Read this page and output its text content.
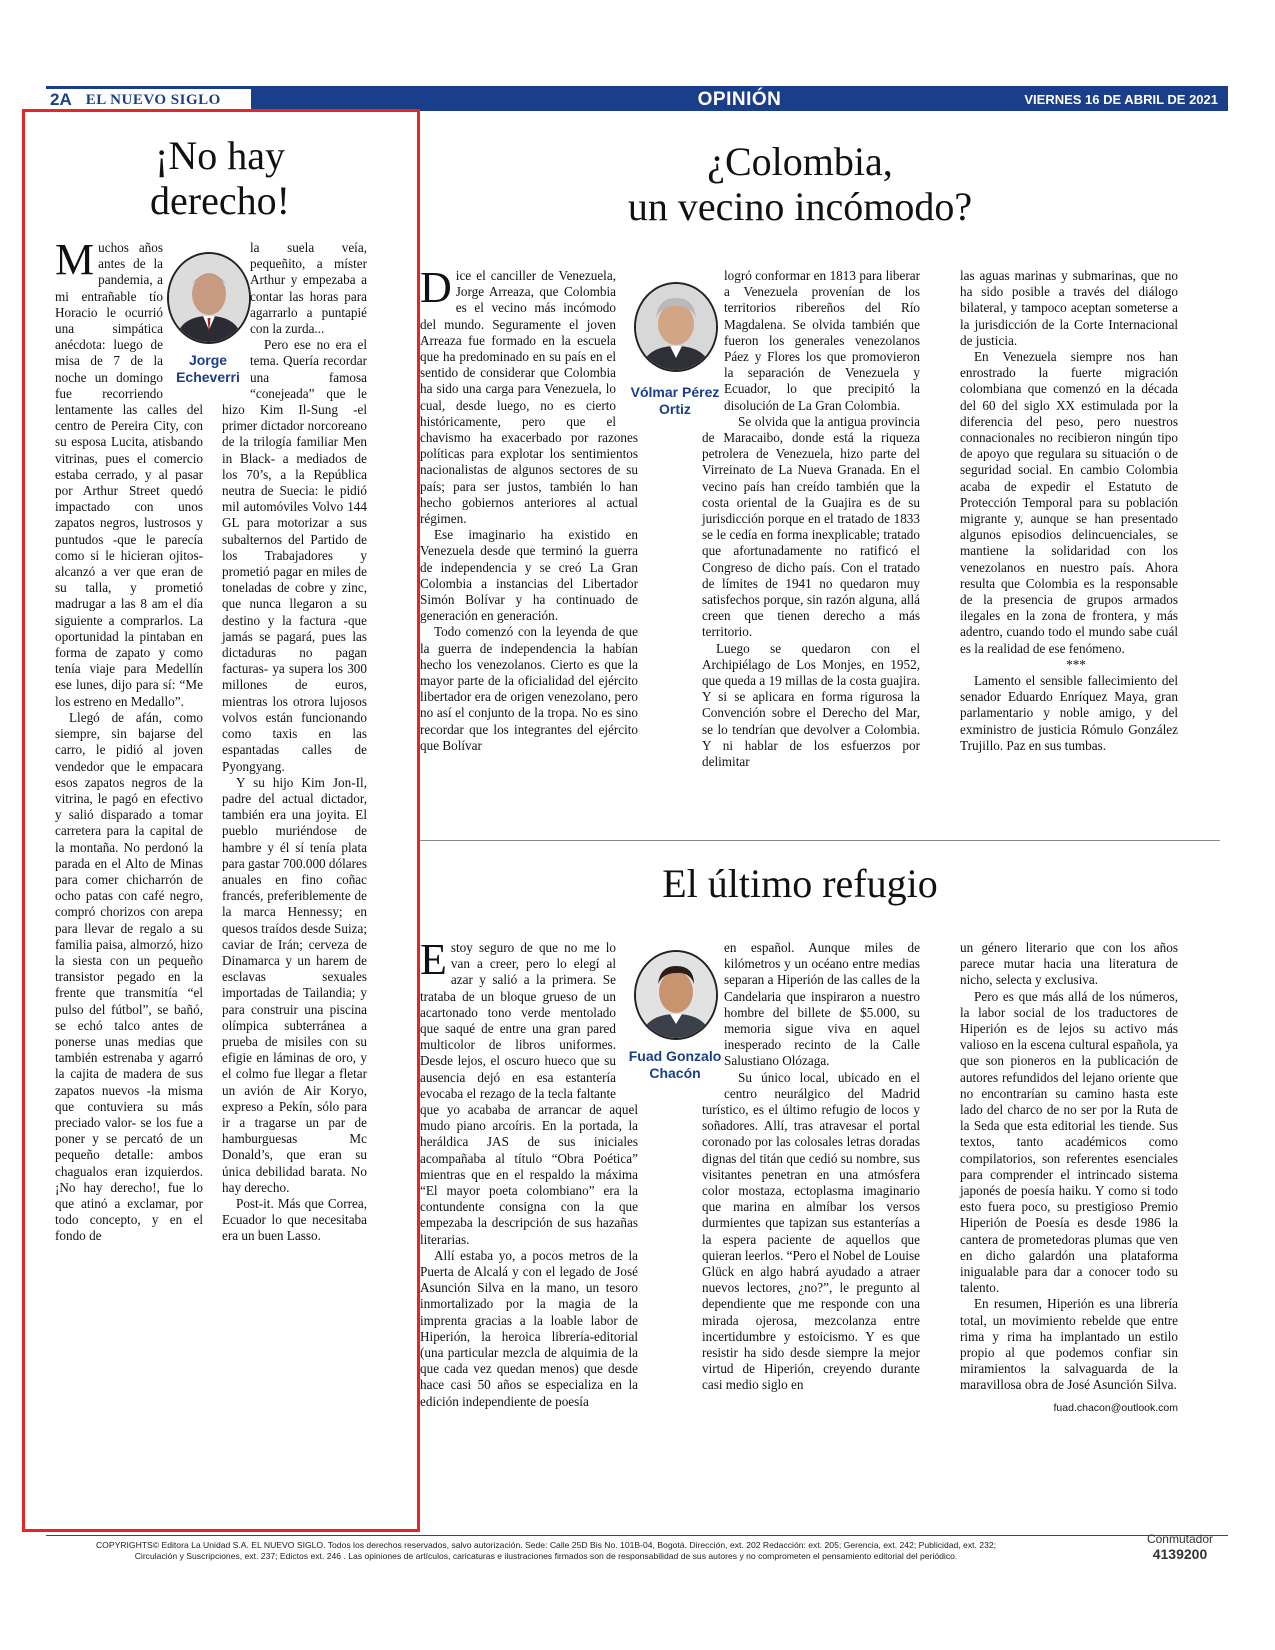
2A EL NUEVO SIGLO	OPINIÓN	VIERNES 16 DE ABRIL DE 2021
¡No hay derecho!

Muchos años antes de la pandemia, a mi entrañable tío Horacio le ocurrió una simpática anécdota: luego de misa de 7 de la noche un domingo fue recorriendo lentamente las calles del centro de Pereira City, con su esposa Lucita, atisbando vitrinas, pues el comercio estaba cerrado, y al pasar por Arthur Street quedó impactado con unos zapatos negros, lustrosos y puntudos -que le parecía como si le hicieran ojitos- alcanzó a ver que eran de su talla, y prometió madrugar a las 8 am el día siguiente a comprarlos. La oportunidad la pintaban en forma de zapato y como tenía viaje para Medellín ese lunes, dijo para sí: “Me los estreno en Medallo”.

Llegó de afán, como siempre, sin bajarse del carro, le pidió al joven vendedor que le empacara esos zapatos negros de la vitrina, le pagó en efectivo y salió disparado a tomar carretera para la capital de la montaña. No perdonó la parada en el Alto de Minas para comer chicharrón de ocho patas con café negro, compró chorizos con arepa para llevar de regalo a su familia paisa, almorzó, hizo la siesta con un pequeño transistor pegado en la frente que transmitía “el pulso del fútbol”, se bañó, se echó talco antes de ponerse unas medias que también estrenaba y agarró la cajita de madera de sus zapatos nuevos -la misma que contuviera su más preciado valor- se los fue a poner y se percató de un pequeño detalle: ambos chagualos eran izquierdos. ¡No hay derecho!, fue lo que atinó a exclamar, por todo concepto, y en el fondo de

Jorge Echeverri

la suela veía, pequeñito, a míster Arthur y empezaba a contar las horas para agarrarlo a puntapié con la zurda...

Pero ese no era el tema. Quería recordar una famosa “conejeada” que le hizo Kim Il-Sung -el primer dictador norcoreano de la trilogía familiar Men in Black- a mediados de los 70’s, a la República neutra de Suecia: le pidió mil automóviles Volvo 144 GL para motorizar a sus subalternos del Partido de los Trabajadores y prometió pagar en miles de toneladas de cobre y zinc, que nunca llegaron a su destino y la factura -que jamás se pagará, pues las dictaduras no pagan facturas- ya supera los 300 millones de euros, mientras los otrora lujosos volvos están funcionando como taxis en las espantadas calles de Pyongyang.

Y su hijo Kim Jon-Il, padre del actual dictador, también era una joyita. El pueblo muriéndose de hambre y él sí tenía plata para gastar 700.000 dólares anuales en fino coñac francés, preferiblemente de la marca Hennessy; en quesos traídos desde Suiza; caviar de Irán; cerveza de Dinamarca y un harem de esclavas sexuales importadas de Tailandia; y para construir una piscina olímpica subterránea a prueba de misiles con su efigie en láminas de oro, y el colmo fue llegar a fletar un avión de Air Koryo, expreso a Pekín, sólo para ir a tragarse un par de hamburguesas Mc Donald’s, que eran su única debilidad barata. No hay derecho.

Post-it. Más que Correa, Ecuador lo que necesitaba era un buen Lasso.

¿Colombia,
un vecino incómodo?

Dice el canciller de Venezuela, Jorge Arreaza, que Colombia es el vecino más incómodo del mundo. Seguramente el joven Arreaza fue formado en la escuela que ha predominado en su país en el sentido de considerar que Colombia ha sido una carga para Venezuela, lo cual, desde luego, no es cierto históricamente, pero que el chavismo ha exacerbado por razones políticas para explotar los sentimientos nacionalistas de algunos sectores de su país; para ser justos, también lo han hecho gobiernos anteriores al actual régimen.

Ese imaginario ha existido en Venezuela desde que terminó la guerra de independencia y se creó La Gran Colombia a instancias del Libertador Simón Bolívar y ha continuado de generación en generación.

Todo comenzó con la leyenda de que la guerra de independencia la habían hecho los venezolanos. Cierto es que la mayor parte de la oficialidad del ejército libertador era de origen venezolano, pero no así el conjunto de la tropa. No es sino recordar que los integrantes del ejército que Bolívar

Vólmar Pérez Ortiz

logró conformar en 1813 para liberar a Venezuela provenían de los territorios ribereños del Río Magdalena. Se olvida también que fueron los generales venezolanos Páez y Flores los que promovieron la separación de Venezuela y Ecuador, lo que precipitó la disolución de La Gran Colombia.

Se olvida que la antigua provincia de Maracaibo, donde está la riqueza petrolera de Venezuela, hizo parte del Virreinato de La Nueva Granada. En el vecino país han creído también que la costa oriental de la Guajira es de su jurisdicción porque en el tratado de 1833 se le cedía en forma inexplicable; tratado que afortunadamente no ratificó el Congreso de dicho país. Con el tratado de límites de 1941 no quedaron muy satisfechos porque, sin razón alguna, allá creen que tienen derecho a más territorio.

Luego se quedaron con el Archipiélago de Los Monjes, en 1952, que queda a 19 millas de la costa guajira. Y si se aplicara en forma rigurosa la Convención sobre el Derecho del Mar, se lo tendrían que devolver a Colombia. Y ni hablar de los esfuerzos por delimitar

las aguas marinas y submarinas, que no ha sido posible a través del diálogo bilateral, y tampoco aceptan someterse a la jurisdicción de la Corte Internacional de justicia.

En Venezuela siempre nos han enrostrado la fuerte migración colombiana que comenzó en la década del 60 del siglo XX estimulada por la diferencia del peso, pero nuestros connacionales no recibieron ningún tipo de apoyo que regulara su situación o de seguridad social. En cambio Colombia acaba de expedir el Estatuto de Protección Temporal para su población migrante y, aunque se han presentado algunos episodios delincuenciales, se mantiene la solidaridad con los venezolanos en nuestro país. Ahora resulta que Colombia es la responsable de la presencia de grupos armados ilegales en la zona de frontera, y más adentro, cuando todo el mundo sabe cuál es la realidad de ese fenómeno.

***

Lamento el sensible fallecimiento del senador Eduardo Enríquez Maya, gran parlamentario y noble amigo, y del exministro de justicia Rómulo González Trujillo. Paz en sus tumbas.

El último refugio

Estoy seguro de que no me lo van a creer, pero lo elegí al azar y salió a la primera. Se trataba de un bloque grueso de un acartonado tono verde mentolado que saqué de entre una gran pared multicolor de libros uniformes. Desde lejos, el oscuro hueco que su ausencia dejó en esa estantería evocaba el rezago de la tecla faltante que yo acababa de arrancar de aquel mudo piano arcoíris. En la portada, la heráldica JAS de sus iniciales acompañaba al título “Obra Poética” mientras que en el respaldo la máxima “El mayor poeta colombiano” era la contundente consigna con la que empezaba la descripción de sus hazañas literarias.

Allí estaba yo, a pocos metros de la Puerta de Alcalá y con el legado de José Asunción Silva en la mano, un tesoro inmortalizado por la magia de la imprenta gracias a la loable labor de Hiperión, la heroica librería-editorial (una particular mezcla de alquimia de la que cada vez quedan menos) que desde hace casi 50 años se especializa en la edición independiente de poesía

Fuad Gonzalo
Chacón

en español. Aunque miles de kilómetros y un océano entre medias separan a Hiperión de las calles de la Candelaria que inspiraron a nuestro hombre del billete de $5.000, su memoria sigue viva en aquel inesperado recinto de la Calle Salustiano Olózaga.

Su único local, ubicado en el centro neurálgico del Madrid turístico, es el último refugio de locos y soñadores. Allí, tras atravesar el portal coronado por las colosales letras doradas dignas del titán que cedió su nombre, sus visitantes penetran en una atmósfera color mostaza, ectoplasma imaginario que marina en almíbar los versos durmientes que tapizan sus estanterías a la espera paciente de aquellos que quieran leerlos. “Pero el Nobel de Louise Glück en algo habrá ayudado a atraer nuevos lectores, ¿no?”, le pregunto al dependiente que me responde con una mirada ojerosa, mezcolanza entre incertidumbre y estoicismo. Y es que resistir ha sido desde siempre la mejor virtud de Hiperión, creyendo durante casi medio siglo en

un género literario que con los años parece mutar hacia una literatura de nicho, selecta y exclusiva.

Pero es que más allá de los números, la labor social de los traductores de Hiperión es de lejos su activo más valioso en la escena cultural española, ya que son pioneros en la publicación de autores refundidos del lejano oriente que no encontrarían su camino hasta este lado del charco de no ser por la Ruta de la Seda que esta editorial les tiende. Sus textos, tanto académicos como compilatorios, son referentes esenciales para comprender el intrincado sistema japonés de poesía haiku. Y como si todo esto fuera poco, su prestigioso Premio Hiperión de Poesía es desde 1986 la cantera de prometedoras plumas que ven en dicho galardón una plataforma inigualable para dar a conocer todo su talento.

En resumen, Hiperión es una librería total, un movimiento rebelde que entre rima y rima ha implantado un estilo propio al que podemos confiar sin miramientos la salvaguarda de la maravillosa obra de José Asunción Silva.

fuad.chacon@outlook.com
COPYRIGHTS© Editora La Unidad S.A. EL NUEVO SIGLO. Todos los derechos reservados, salvo autorización. Sede: Calle 25D Bis No. 101B-04, Bogotá. Dirección, ext. 202 Redacción: ext. 205; Gerencia, ext. 242; Publicidad, ext. 232;
Circulación y Suscripciones, ext. 237; Edictos ext. 246 . Las opiniones de artículos, caricaturas e ilustraciones firmados son de responsabilidad de sus autores y no comprometen el pensamiento editorial del periódico.
Conmutador
4139200
